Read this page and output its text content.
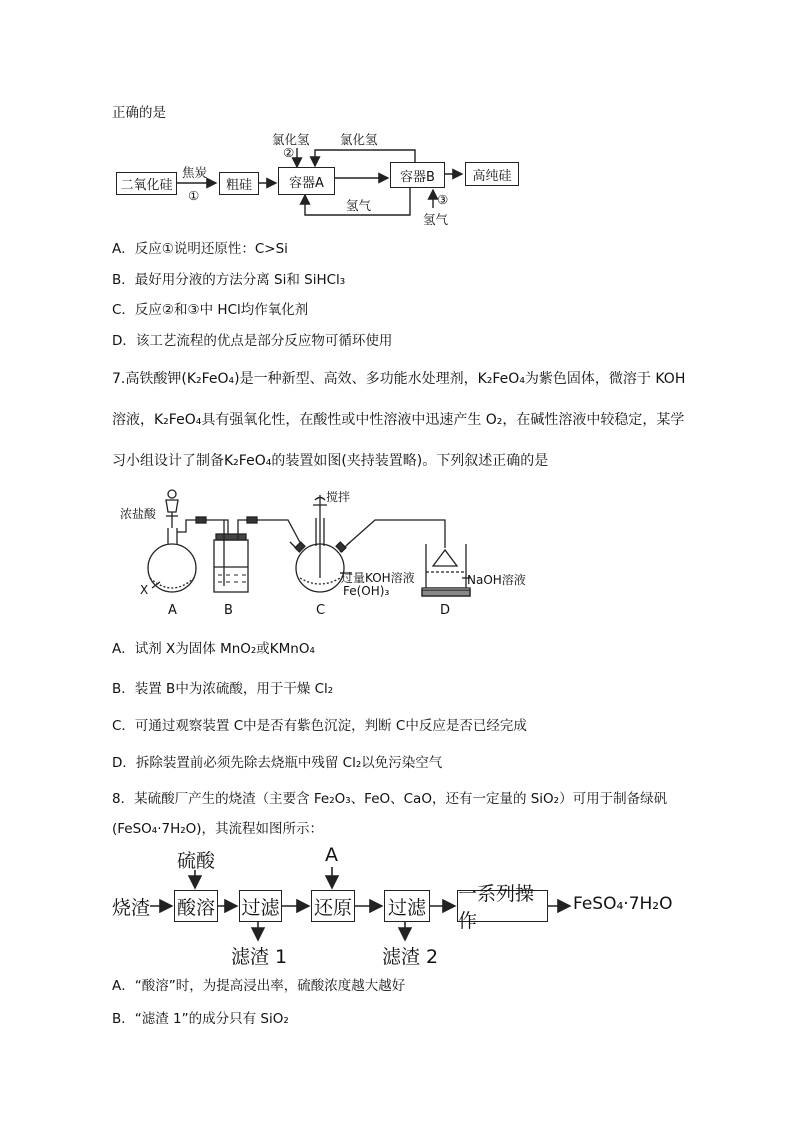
正确的是
二氧化硅	粗硅	容器A	容器B	高纯硅
焦炭
①
氯化氢
②
氯化氢
氢气	③
氢气
A．反应①说明还原性：C>Si
B．最好用分液的方法分离 Si和 SiHCl₃
C．反应②和③中 HCl均作氧化剂
D．该工艺流程的优点是部分反应物可循环使用
7.高铁酸钾(K₂FeO₄)是一种新型、高效、多功能水处理剂，K₂FeO₄为紫色固体，微溶于 KOH
溶液，K₂FeO₄具有强氧化性，在酸性或中性溶液中迅速产生 O₂，在碱性溶液中较稳定，某学
习小组设计了制备K₂FeO₄的装置如图(夹持装置略)。下列叙述正确的是
浓盐酸
X
搅拌
过量KOH溶液
Fe(OH)₃
NaOH溶液
A	B	C	D
A．试剂 X为固体 MnO₂或KMnO₄
B．装置 B中为浓硫酸，用于干燥 Cl₂
C．可通过观察装置 C中是否有紫色沉淀，判断 C中反应是否已经完成
D．拆除装置前必须先除去烧瓶中残留 Cl₂以免污染空气
8．某硫酸厂产生的烧渣（主要含 Fe₂O₃、FeO、CaO，还有一定量的 SiO₂）可用于制备绿矾
(FeSO₄·7H₂O)，其流程如图所示：
烧渣
硫酸
酸溶 过滤
滤渣 1
A
还原 过滤
滤渣 2
一系列操作
FeSO₄·7H₂O
A．“酸溶”时，为提高浸出率，硫酸浓度越大越好
B．“滤渣 1”的成分只有 SiO₂
